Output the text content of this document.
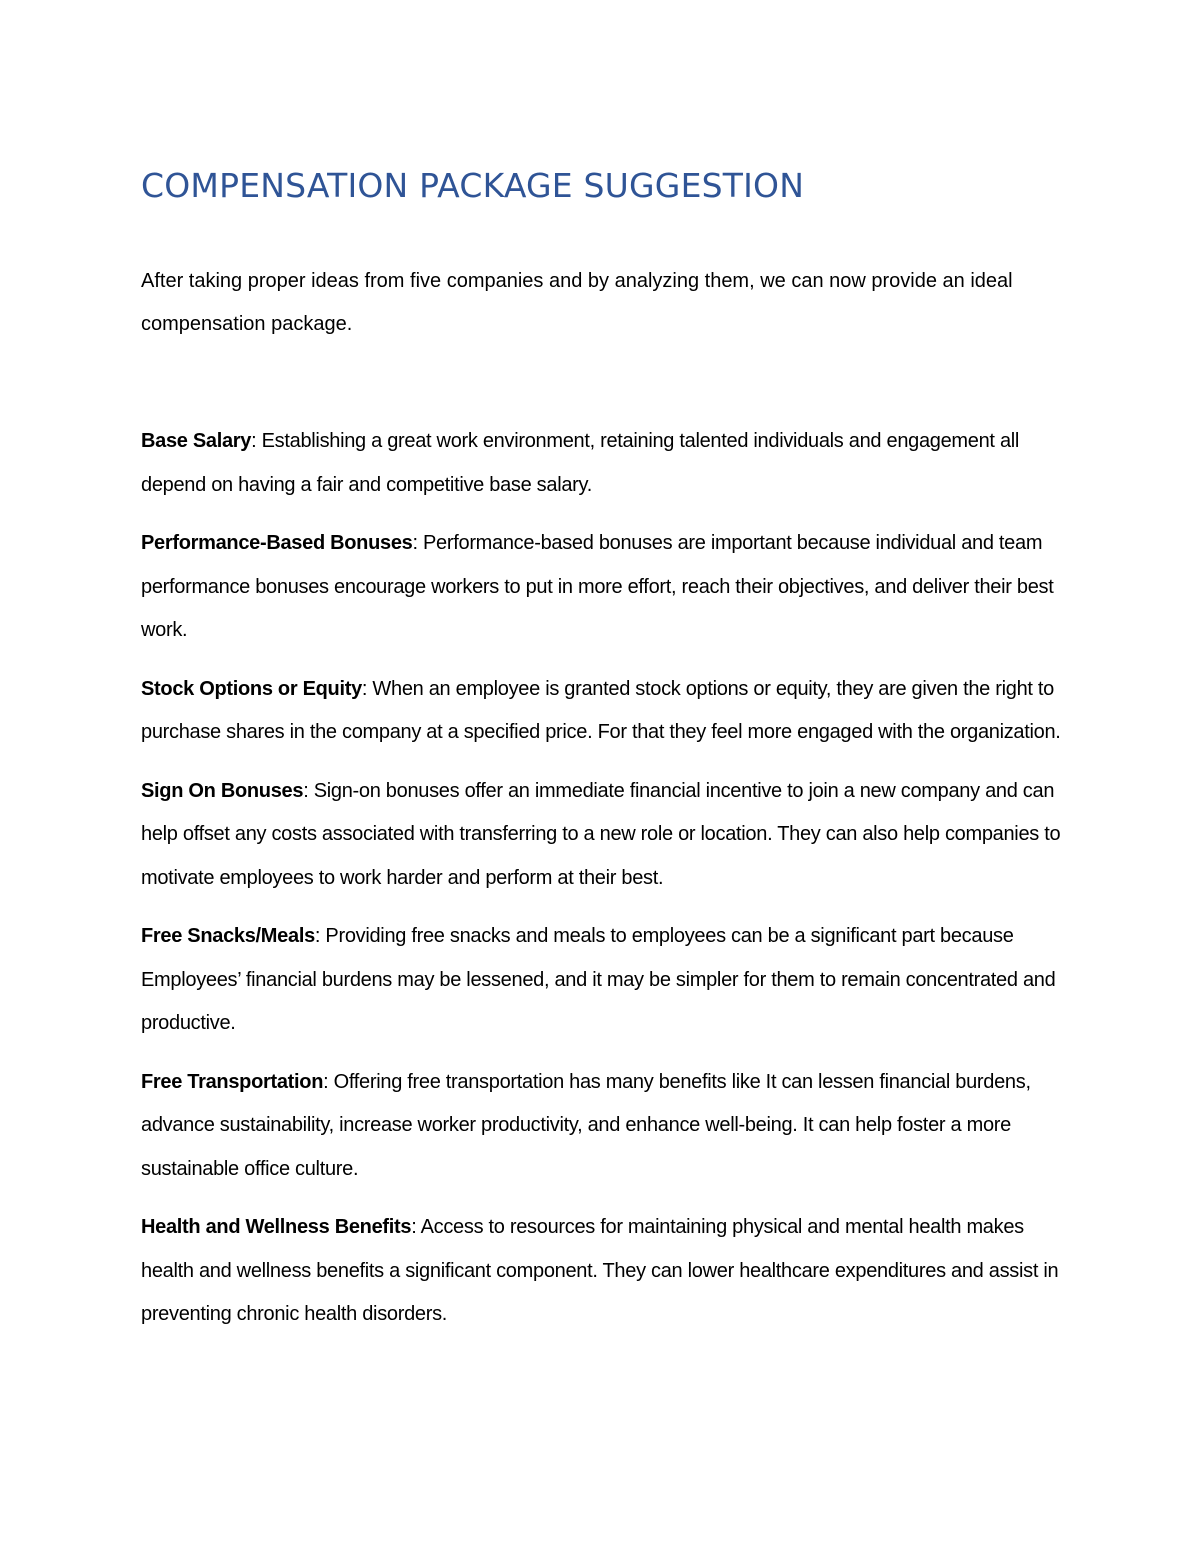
COMPENSATION PACKAGE SUGGESTION

After taking proper ideas from five companies and by analyzing them, we can now provide an ideal compensation package.

Base Salary: Establishing a great work environment, retaining talented individuals and engagement all depend on having a fair and competitive base salary.

Performance-Based Bonuses: Performance-based bonuses are important because individual and team performance bonuses encourage workers to put in more effort, reach their objectives, and deliver their best work.

Stock Options or Equity: When an employee is granted stock options or equity, they are given the right to purchase shares in the company at a specified price. For that they feel more engaged with the organization.

Sign On Bonuses: Sign-on bonuses offer an immediate financial incentive to join a new company and can help offset any costs associated with transferring to a new role or location. They can also help companies to motivate employees to work harder and perform at their best.

Free Snacks/Meals: Providing free snacks and meals to employees can be a significant part because Employees’ financial burdens may be lessened, and it may be simpler for them to remain concentrated and productive.

Free Transportation: Offering free transportation has many benefits like It can lessen financial burdens, advance sustainability, increase worker productivity, and enhance well-being. It can help foster a more sustainable office culture.

Health and Wellness Benefits: Access to resources for maintaining physical and mental health makes health and wellness benefits a significant component. They can lower healthcare expenditures and assist in preventing chronic health disorders.
